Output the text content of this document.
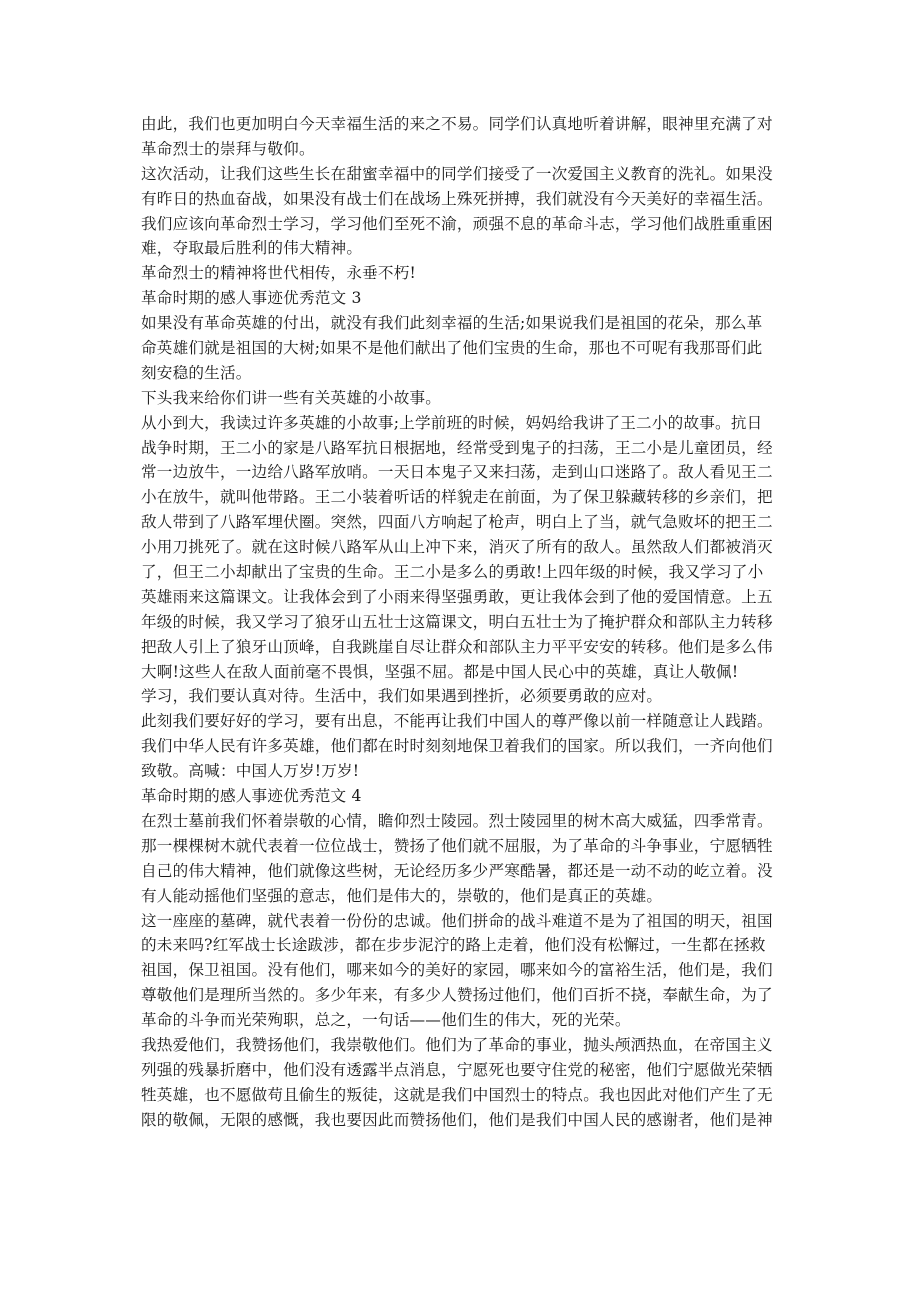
由此，我们也更加明白今天幸福生活的来之不易。同学们认真地听着讲解，眼神里充满了对
革命烈士的崇拜与敬仰。
这次活动，让我们这些生长在甜蜜幸福中的同学们接受了一次爱国主义教育的洗礼。如果没
有昨日的热血奋战，如果没有战士们在战场上殊死拼搏，我们就没有今天美好的幸福生活。
我们应该向革命烈士学习，学习他们至死不渝，顽强不息的革命斗志，学习他们战胜重重困
难，夺取最后胜利的伟大精神。
革命烈士的精神将世代相传，永垂不朽!
革命时期的感人事迹优秀范文 3
如果没有革命英雄的付出，就没有我们此刻幸福的生活;如果说我们是祖国的花朵，那么革
命英雄们就是祖国的大树;如果不是他们献出了他们宝贵的生命，那也不可呢有我那哥们此
刻安稳的生活。
下头我来给你们讲一些有关英雄的小故事。
从小到大，我读过许多英雄的小故事;上学前班的时候，妈妈给我讲了王二小的故事。抗日
战争时期，王二小的家是八路军抗日根据地，经常受到鬼子的扫荡，王二小是儿童团员，经
常一边放牛，一边给八路军放哨。一天日本鬼子又来扫荡，走到山口迷路了。敌人看见王二
小在放牛，就叫他带路。王二小装着听话的样貌走在前面，为了保卫躲藏转移的乡亲们，把
敌人带到了八路军埋伏圈。突然，四面八方响起了枪声，明白上了当，就气急败坏的把王二
小用刀挑死了。就在这时候八路军从山上冲下来，消灭了所有的敌人。虽然敌人们都被消灭
了，但王二小却献出了宝贵的生命。王二小是多么的勇敢!上四年级的时候，我又学习了小
英雄雨来这篇课文。让我体会到了小雨来得坚强勇敢，更让我体会到了他的爱国情意。上五
年级的时候，我又学习了狼牙山五壮士这篇课文，明白五壮士为了掩护群众和部队主力转移
把敌人引上了狼牙山顶峰，自我跳崖自尽让群众和部队主力平平安安的转移。他们是多么伟
大啊!这些人在敌人面前毫不畏惧，坚强不屈。都是中国人民心中的英雄，真让人敬佩!
学习，我们要认真对待。生活中，我们如果遇到挫折，必须要勇敢的应对。
此刻我们要好好的学习，要有出息，不能再让我们中国人的尊严像以前一样随意让人践踏。
我们中华人民有许多英雄，他们都在时时刻刻地保卫着我们的国家。所以我们，一齐向他们
致敬。高喊：中国人万岁!万岁!
革命时期的感人事迹优秀范文 4
在烈士墓前我们怀着崇敬的心情，瞻仰烈士陵园。烈士陵园里的树木高大威猛，四季常青。
那一棵棵树木就代表着一位位战士，赞扬了他们就不屈服，为了革命的斗争事业，宁愿牺牲
自己的伟大精神，他们就像这些树，无论经历多少严寒酷暑，都还是一动不动的屹立着。没
有人能动摇他们坚强的意志，他们是伟大的，崇敬的，他们是真正的英雄。
这一座座的墓碑，就代表着一份份的忠诚。他们拼命的战斗难道不是为了祖国的明天，祖国
的未来吗?红军战士长途跋涉，都在步步泥泞的路上走着，他们没有松懈过，一生都在拯救
祖国，保卫祖国。没有他们，哪来如今的美好的家园，哪来如今的富裕生活，他们是，我们
尊敬他们是理所当然的。多少年来，有多少人赞扬过他们，他们百折不挠，奉献生命，为了
革命的斗争而光荣殉职，总之，一句话——他们生的伟大，死的光荣。
我热爱他们，我赞扬他们，我崇敬他们。他们为了革命的事业，抛头颅洒热血，在帝国主义
列强的残暴折磨中，他们没有透露半点消息，宁愿死也要守住党的秘密，他们宁愿做光荣牺
牲英雄，也不愿做苟且偷生的叛徒，这就是我们中国烈士的特点。我也因此对他们产生了无
限的敬佩，无限的感慨，我也要因此而赞扬他们，他们是我们中国人民的感谢者，他们是神
